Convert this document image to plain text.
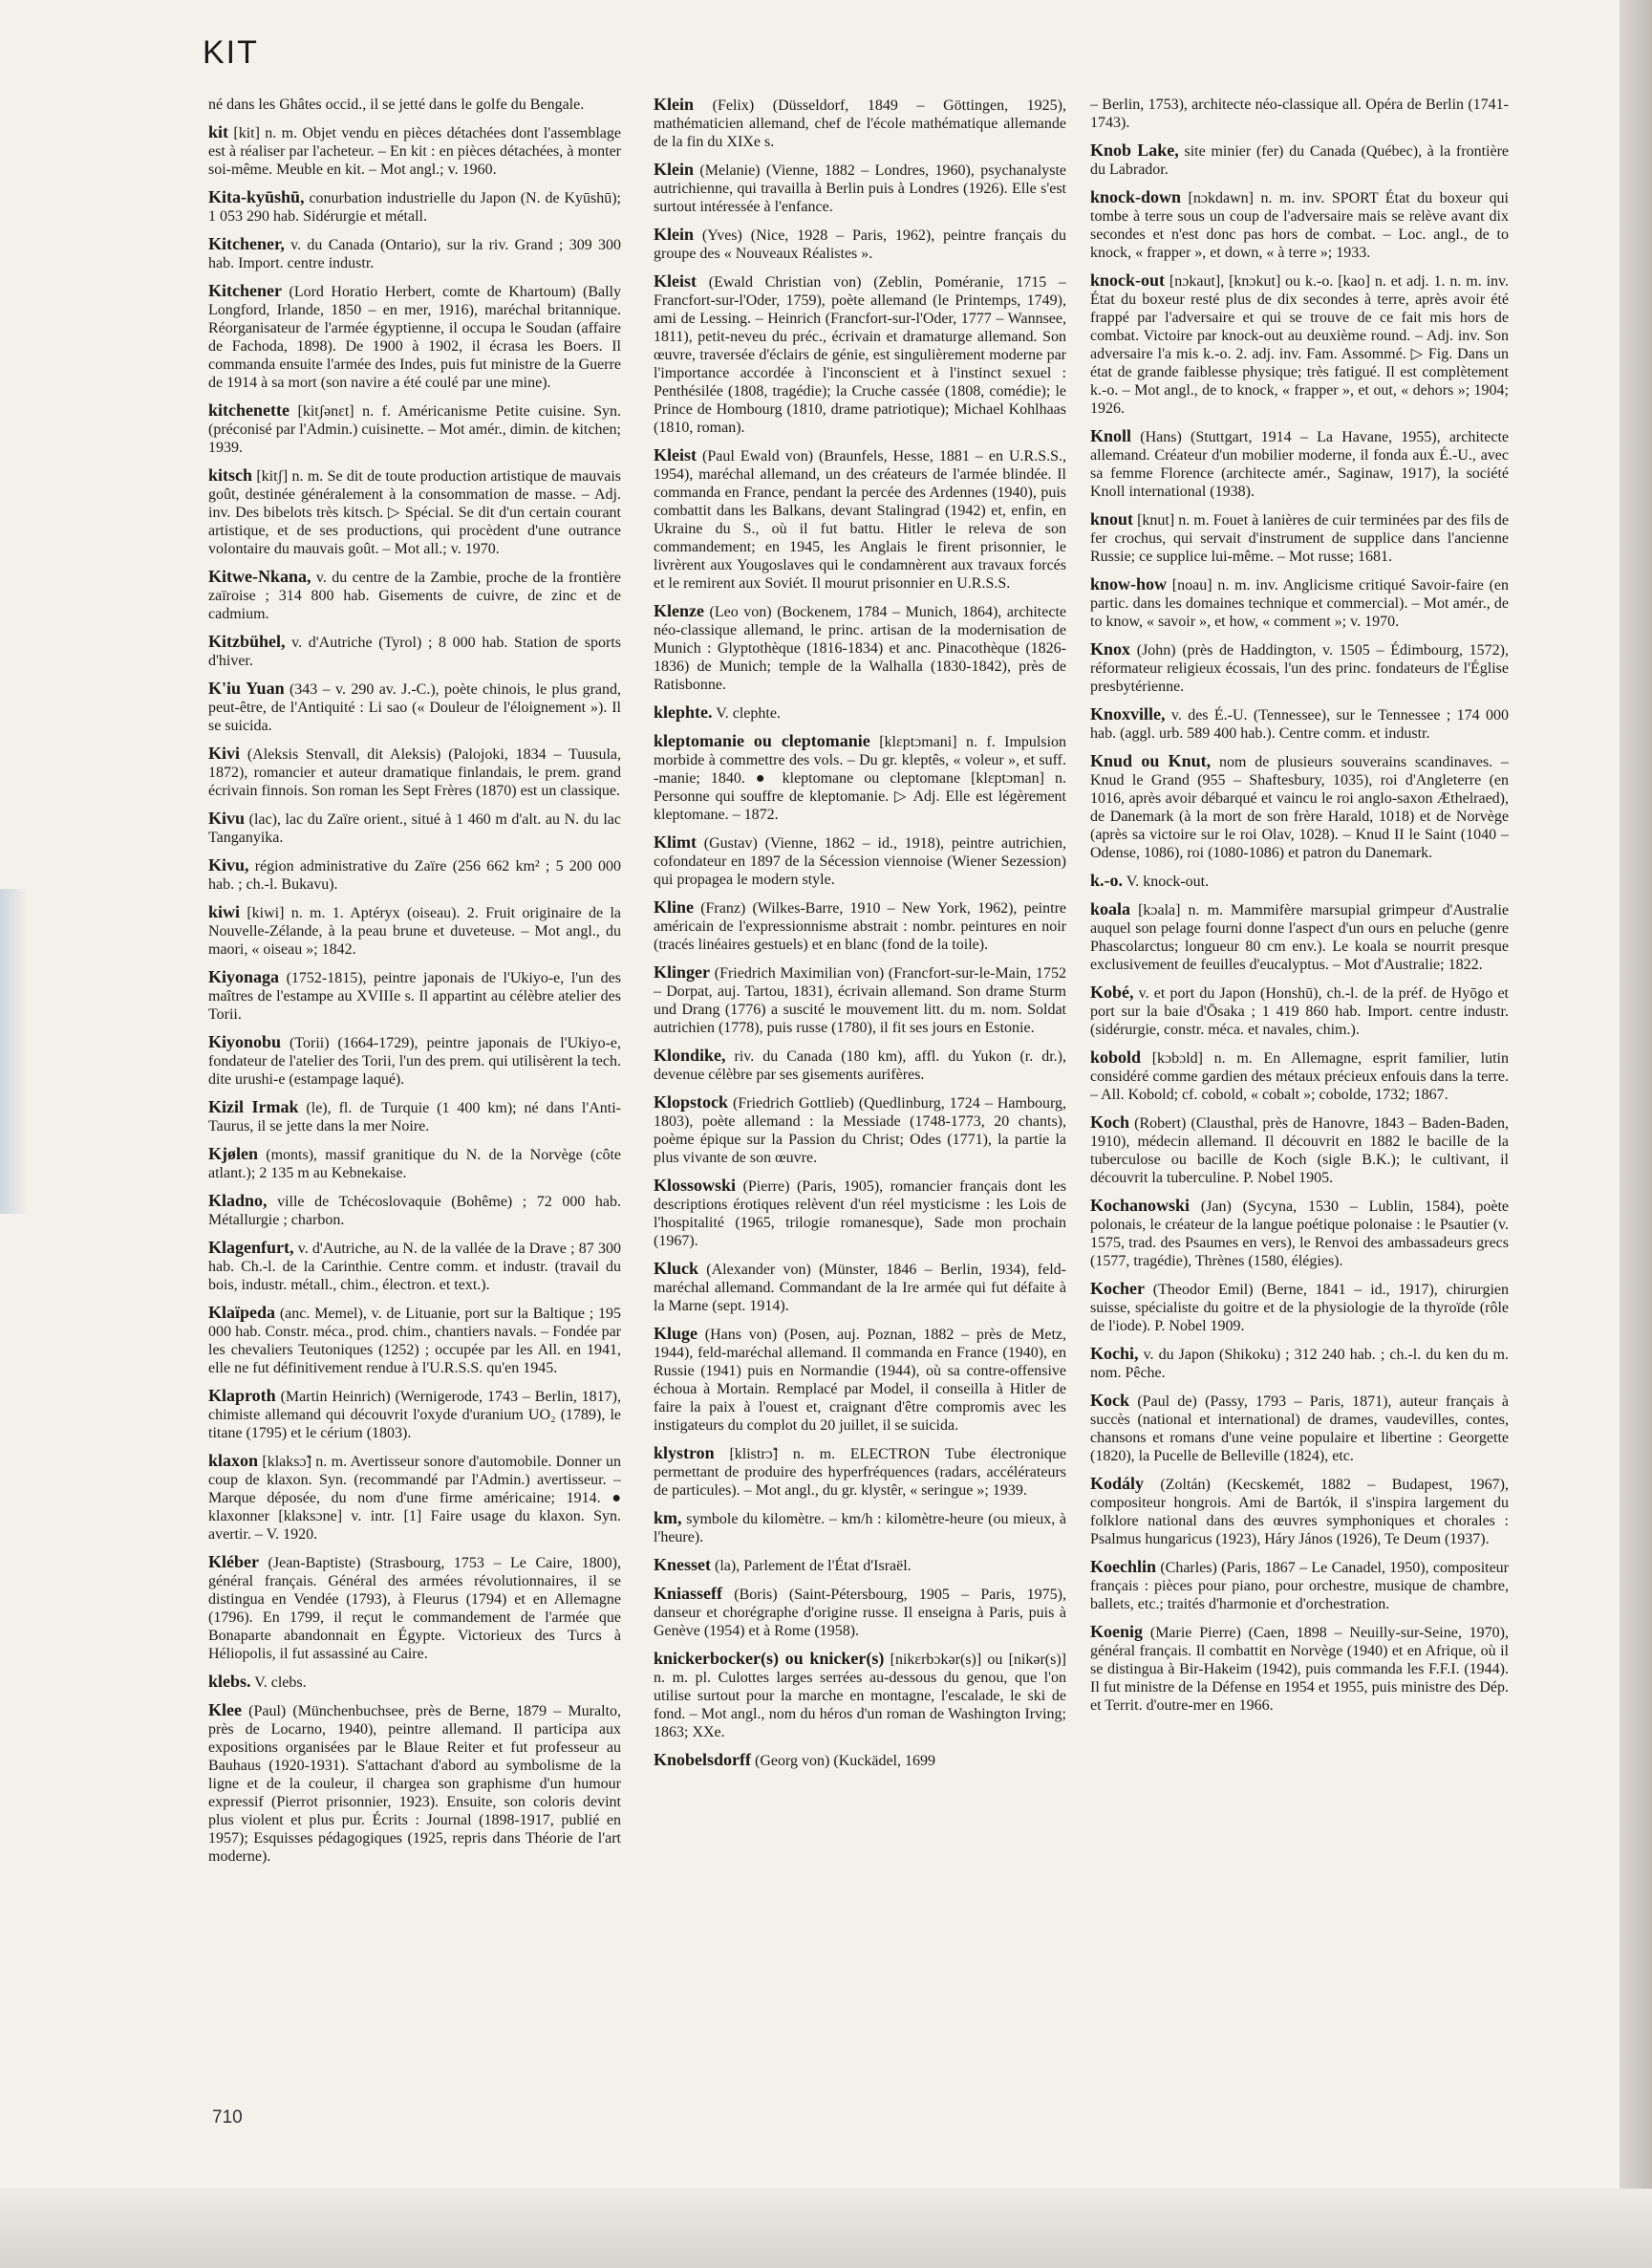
KIT

né dans les Ghâtes occid., il se jetté dans le golfe du Bengale.

kit [kit] n. m. Objet vendu en pièces détachées dont l'assemblage est à réaliser par l'acheteur. – En kit : en pièces détachées, à monter soi-même. Meuble en kit. – Mot angl.; v. 1960.

Kita-kyūshū, conurbation industrielle du Japon (N. de Kyūshū); 1 053 290 hab. Sidérurgie et métall.

Kitchener, v. du Canada (Ontario), sur la riv. Grand ; 309 300 hab. Import. centre industr.

Kitchener (Lord Horatio Herbert, comte de Khartoum) (Bally Longford, Irlande, 1850 – en mer, 1916), maréchal britannique. Réorganisateur de l'armée égyptienne, il occupa le Soudan (affaire de Fachoda, 1898). De 1900 à 1902, il écrasa les Boers. Il commanda ensuite l'armée des Indes, puis fut ministre de la Guerre de 1914 à sa mort (son navire a été coulé par une mine).

kitchenette [kitʃənɛt] n. f. Américanisme Petite cuisine. Syn. (préconisé par l'Admin.) cuisinette. – Mot amér., dimin. de kitchen; 1939.

kitsch [kitʃ] n. m. Se dit de toute production artistique de mauvais goût, destinée généralement à la consommation de masse. – Adj. inv. Des bibelots très kitsch. ▷ Spécial. Se dit d'un certain courant artistique, et de ses productions, qui procèdent d'une outrance volontaire du mauvais goût. – Mot all.; v. 1970.

Kitwe-Nkana, v. du centre de la Zambie, proche de la frontière zaïroise ; 314 800 hab. Gisements de cuivre, de zinc et de cadmium.

Kitzbühel, v. d'Autriche (Tyrol) ; 8 000 hab. Station de sports d'hiver.

K'iu Yuan (343 – v. 290 av. J.-C.), poète chinois, le plus grand, peut-être, de l'Antiquité : Li sao (« Douleur de l'éloignement »). Il se suicida.

Kivi (Aleksis Stenvall, dit Aleksis) (Palojoki, 1834 – Tuusula, 1872), romancier et auteur dramatique finlandais, le prem. grand écrivain finnois. Son roman les Sept Frères (1870) est un classique.

Kivu (lac), lac du Zaïre orient., situé à 1 460 m d'alt. au N. du lac Tanganyika.

Kivu, région administrative du Zaïre (256 662 km² ; 5 200 000 hab. ; ch.-l. Bukavu).

kiwi [kiwi] n. m. 1. Aptéryx (oiseau). 2. Fruit originaire de la Nouvelle-Zélande, à la peau brune et duveteuse. – Mot angl., du maori, « oiseau »; 1842.

Kiyonaga (1752-1815), peintre japonais de l'Ukiyo-e, l'un des maîtres de l'estampe au XVIIIe s. Il appartint au célèbre atelier des Torii.

Kiyonobu (Torii) (1664-1729), peintre japonais de l'Ukiyo-e, fondateur de l'atelier des Torii, l'un des prem. qui utilisèrent la tech. dite urushi-e (estampage laqué).

Kizil Irmak (le), fl. de Turquie (1 400 km); né dans l'Anti-Taurus, il se jette dans la mer Noire.

Kjølen (monts), massif granitique du N. de la Norvège (côte atlant.); 2 135 m au Kebnekaise.

Kladno, ville de Tchécoslovaquie (Bohême) ; 72 000 hab. Métallurgie ; charbon.

Klagenfurt, v. d'Autriche, au N. de la vallée de la Drave ; 87 300 hab. Ch.-l. de la Carinthie. Centre comm. et industr. (travail du bois, industr. métall., chim., électron. et text.).

Klaïpeda (anc. Memel), v. de Lituanie, port sur la Baltique ; 195 000 hab. Constr. méca., prod. chim., chantiers navals. – Fondée par les chevaliers Teutoniques (1252) ; occupée par les All. en 1941, elle ne fut définitivement rendue à l'U.R.S.S. qu'en 1945.

Klaproth (Martin Heinrich) (Wernigerode, 1743 – Berlin, 1817), chimiste allemand qui découvrit l'oxyde d'uranium UO₂ (1789), le titane (1795) et le cérium (1803).

klaxon [klaksɔ̃] n. m. Avertisseur sonore d'automobile. Donner un coup de klaxon. Syn. (recommandé par l'Admin.) avertisseur. – Marque déposée, du nom d'une firme américaine; 1914. ● klaxonner [klaksɔne] v. intr. [1] Faire usage du klaxon. Syn. avertir. – V. 1920.

Kléber (Jean-Baptiste) (Strasbourg, 1753 – Le Caire, 1800), général français. Général des armées révolutionnaires, il se distingua en Vendée (1793), à Fleurus (1794) et en Allemagne (1796). En 1799, il reçut le commandement de l'armée que Bonaparte abandonnait en Égypte. Victorieux des Turcs à Héliopolis, il fut assassiné au Caire.

klebs. V. clebs.

Klee (Paul) (Münchenbuchsee, près de Berne, 1879 – Muralto, près de Locarno, 1940), peintre allemand. Il participa aux expositions organisées par le Blaue Reiter et fut professeur au Bauhaus (1920-1931). S'attachant d'abord au symbolisme de la ligne et de la couleur, il chargea son graphisme d'un humour expressif (Pierrot prisonnier, 1923). Ensuite, son coloris devint plus violent et plus pur. Écrits : Journal (1898-1917, publié en 1957); Esquisses pédagogiques (1925, repris dans Théorie de l'art moderne).

Klein (Felix) (Düsseldorf, 1849 – Göttingen, 1925), mathématicien allemand, chef de l'école mathématique allemande de la fin du XIXe s.

Klein (Melanie) (Vienne, 1882 – Londres, 1960), psychanalyste autrichienne, qui travailla à Berlin puis à Londres (1926). Elle s'est surtout intéressée à l'enfance.

Klein (Yves) (Nice, 1928 – Paris, 1962), peintre français du groupe des « Nouveaux Réalistes ».

Kleist (Ewald Christian von) (Zeblin, Poméranie, 1715 – Francfort-sur-l'Oder, 1759), poète allemand (le Printemps, 1749), ami de Lessing. – Heinrich (Francfort-sur-l'Oder, 1777 – Wannsee, 1811), petit-neveu du préc., écrivain et dramaturge allemand. Son œuvre, traversée d'éclairs de génie, est singulièrement moderne par l'importance accordée à l'inconscient et à l'instinct sexuel : Penthésilée (1808, tragédie); la Cruche cassée (1808, comédie); le Prince de Hombourg (1810, drame patriotique); Michael Kohlhaas (1810, roman).

Kleist (Paul Ewald von) (Braunfels, Hesse, 1881 – en U.R.S.S., 1954), maréchal allemand, un des créateurs de l'armée blindée. Il commanda en France, pendant la percée des Ardennes (1940), puis combattit dans les Balkans, devant Stalingrad (1942) et, enfin, en Ukraine du S., où il fut battu. Hitler le releva de son commandement; en 1945, les Anglais le firent prisonnier, le livrèrent aux Yougoslaves qui le condamnèrent aux travaux forcés et le remirent aux Soviét. Il mourut prisonnier en U.R.S.S.

Klenze (Leo von) (Bockenem, 1784 – Munich, 1864), architecte néo-classique allemand, le princ. artisan de la modernisation de Munich : Glyptothèque (1816-1834) et anc. Pinacothèque (1826-1836) de Munich; temple de la Walhalla (1830-1842), près de Ratisbonne.

klephte. V. clephte.

kleptomanie ou cleptomanie [klɛptɔmani] n. f. Impulsion morbide à commettre des vols. – Du gr. kleptês, « voleur », et suff. -manie; 1840. ● kleptomane ou cleptomane [klɛptɔman] n. Personne qui souffre de kleptomanie. ▷ Adj. Elle est légèrement kleptomane. – 1872.

Klimt (Gustav) (Vienne, 1862 – id., 1918), peintre autrichien, cofondateur en 1897 de la Sécession viennoise (Wiener Sezession) qui propagea le modern style.

Kline (Franz) (Wilkes-Barre, 1910 – New York, 1962), peintre américain de l'expressionnisme abstrait : nombr. peintures en noir (tracés linéaires gestuels) et en blanc (fond de la toile).

Klinger (Friedrich Maximilian von) (Francfort-sur-le-Main, 1752 – Dorpat, auj. Tartou, 1831), écrivain allemand. Son drame Sturm und Drang (1776) a suscité le mouvement litt. du m. nom. Soldat autrichien (1778), puis russe (1780), il fit ses jours en Estonie.

Klondike, riv. du Canada (180 km), affl. du Yukon (r. dr.), devenue célèbre par ses gisements aurifères.

Klopstock (Friedrich Gottlieb) (Quedlinburg, 1724 – Hambourg, 1803), poète allemand : la Messiade (1748-1773, 20 chants), poème épique sur la Passion du Christ; Odes (1771), la partie la plus vivante de son œuvre.

Klossowski (Pierre) (Paris, 1905), romancier français dont les descriptions érotiques relèvent d'un réel mysticisme : les Lois de l'hospitalité (1965, trilogie romanesque), Sade mon prochain (1967).

Kluck (Alexander von) (Münster, 1846 – Berlin, 1934), feld-maréchal allemand. Commandant de la Ire armée qui fut défaite à la Marne (sept. 1914).

Kluge (Hans von) (Posen, auj. Poznan, 1882 – près de Metz, 1944), feld-maréchal allemand. Il commanda en France (1940), en Russie (1941) puis en Normandie (1944), où sa contre-offensive échoua à Mortain. Remplacé par Model, il conseilla à Hitler de faire la paix à l'ouest et, craignant d'être compromis avec les instigateurs du complot du 20 juillet, il se suicida.

klystron [klistrɔ̃] n. m. ELECTRON Tube électronique permettant de produire des hyperfréquences (radars, accélérateurs de particules). – Mot angl., du gr. klystêr, « seringue »; 1939.

km, symbole du kilomètre. – km/h : kilomètre-heure (ou mieux, à l'heure).

Knesset (la), Parlement de l'État d'Israël.

Kniasseff (Boris) (Saint-Pétersbourg, 1905 – Paris, 1975), danseur et chorégraphe d'origine russe. Il enseigna à Paris, puis à Genève (1954) et à Rome (1958).

knickerbocker(s) ou knicker(s) [nikɛrbɔkər(s)] ou [nikər(s)] n. m. pl. Culottes larges serrées au-dessous du genou, que l'on utilise surtout pour la marche en montagne, l'escalade, le ski de fond. – Mot angl., nom du héros d'un roman de Washington Irving; 1863; XXe.

Knobelsdorff (Georg von) (Kuckädel, 1699

– Berlin, 1753), architecte néo-classique all. Opéra de Berlin (1741-1743).

Knob Lake, site minier (fer) du Canada (Québec), à la frontière du Labrador.

knock-down [nɔkdawn] n. m. inv. SPORT État du boxeur qui tombe à terre sous un coup de l'adversaire mais se relève avant dix secondes et n'est donc pas hors de combat. – Loc. angl., de to knock, « frapper », et down, « à terre »; 1933.

knock-out [nɔkaut], [knɔkut] ou k.-o. [kao] n. et adj. 1. n. m. inv. État du boxeur resté plus de dix secondes à terre, après avoir été frappé par l'adversaire et qui se trouve de ce fait mis hors de combat. Victoire par knock-out au deuxième round. – Adj. inv. Son adversaire l'a mis k.-o. 2. adj. inv. Fam. Assommé. ▷ Fig. Dans un état de grande faiblesse physique; très fatigué. Il est complètement k.-o. – Mot angl., de to knock, « frapper », et out, « dehors »; 1904; 1926.

Knoll (Hans) (Stuttgart, 1914 – La Havane, 1955), architecte allemand. Créateur d'un mobilier moderne, il fonda aux É.-U., avec sa femme Florence (architecte amér., Saginaw, 1917), la société Knoll international (1938).

knout [knut] n. m. Fouet à lanières de cuir terminées par des fils de fer crochus, qui servait d'instrument de supplice dans l'ancienne Russie; ce supplice lui-même. – Mot russe; 1681.

know-how [noau] n. m. inv. Anglicisme critiqué Savoir-faire (en partic. dans les domaines technique et commercial). – Mot amér., de to know, « savoir », et how, « comment »; v. 1970.

Knox (John) (près de Haddington, v. 1505 – Édimbourg, 1572), réformateur religieux écossais, l'un des princ. fondateurs de l'Église presbytérienne.

Knoxville, v. des É.-U. (Tennessee), sur le Tennessee ; 174 000 hab. (aggl. urb. 589 400 hab.). Centre comm. et industr.

Knud ou Knut, nom de plusieurs souverains scandinaves. – Knud le Grand (955 – Shaftesbury, 1035), roi d'Angleterre (en 1016, après avoir débarqué et vaincu le roi anglo-saxon Æthelraed), de Danemark (à la mort de son frère Harald, 1018) et de Norvège (après sa victoire sur le roi Olav, 1028). – Knud II le Saint (1040 – Odense, 1086), roi (1080-1086) et patron du Danemark.

k.-o. V. knock-out.

koala [kɔala] n. m. Mammifère marsupial grimpeur d'Australie auquel son pelage fourni donne l'aspect d'un ours en peluche (genre Phascolarctus; longueur 80 cm env.). Le koala se nourrit presque exclusivement de feuilles d'eucalyptus. – Mot d'Australie; 1822.

Kobé, v. et port du Japon (Honshū), ch.-l. de la préf. de Hyōgo et port sur la baie d'Ōsaka ; 1 419 860 hab. Import. centre industr. (sidérurgie, constr. méca. et navales, chim.).

kobold [kɔbɔld] n. m. En Allemagne, esprit familier, lutin considéré comme gardien des métaux précieux enfouis dans la terre. – All. Kobold; cf. cobold, « cobalt »; cobolde, 1732; 1867.

Koch (Robert) (Clausthal, près de Hanovre, 1843 – Baden-Baden, 1910), médecin allemand. Il découvrit en 1882 le bacille de la tuberculose ou bacille de Koch (sigle B.K.); le cultivant, il découvrit la tuberculine. P. Nobel 1905.

Kochanowski (Jan) (Sycyna, 1530 – Lublin, 1584), poète polonais, le créateur de la langue poétique polonaise : le Psautier (v. 1575, trad. des Psaumes en vers), le Renvoi des ambassadeurs grecs (1577, tragédie), Thrènes (1580, élégies).

Kocher (Theodor Emil) (Berne, 1841 – id., 1917), chirurgien suisse, spécialiste du goitre et de la physiologie de la thyroïde (rôle de l'iode). P. Nobel 1909.

Kochi, v. du Japon (Shikoku) ; 312 240 hab. ; ch.-l. du ken du m. nom. Pêche.

Kock (Paul de) (Passy, 1793 – Paris, 1871), auteur français à succès (national et international) de drames, vaudevilles, contes, chansons et romans d'une veine populaire et libertine : Georgette (1820), la Pucelle de Belleville (1824), etc.

Kodály (Zoltán) (Kecskemét, 1882 – Budapest, 1967), compositeur hongrois. Ami de Bartók, il s'inspira largement du folklore national dans des œuvres symphoniques et chorales : Psalmus hungaricus (1923), Háry János (1926), Te Deum (1937).

Koechlin (Charles) (Paris, 1867 – Le Canadel, 1950), compositeur français : pièces pour piano, pour orchestre, musique de chambre, ballets, etc.; traités d'harmonie et d'orchestration.

Koenig (Marie Pierre) (Caen, 1898 – Neuilly-sur-Seine, 1970), général français. Il combattit en Norvège (1940) et en Afrique, où il se distingua à Bir-Hakeim (1942), puis commanda les F.F.I. (1944). Il fut ministre de la Défense en 1954 et 1955, puis ministre des Dép. et Territ. d'outre-mer en 1966.

710
